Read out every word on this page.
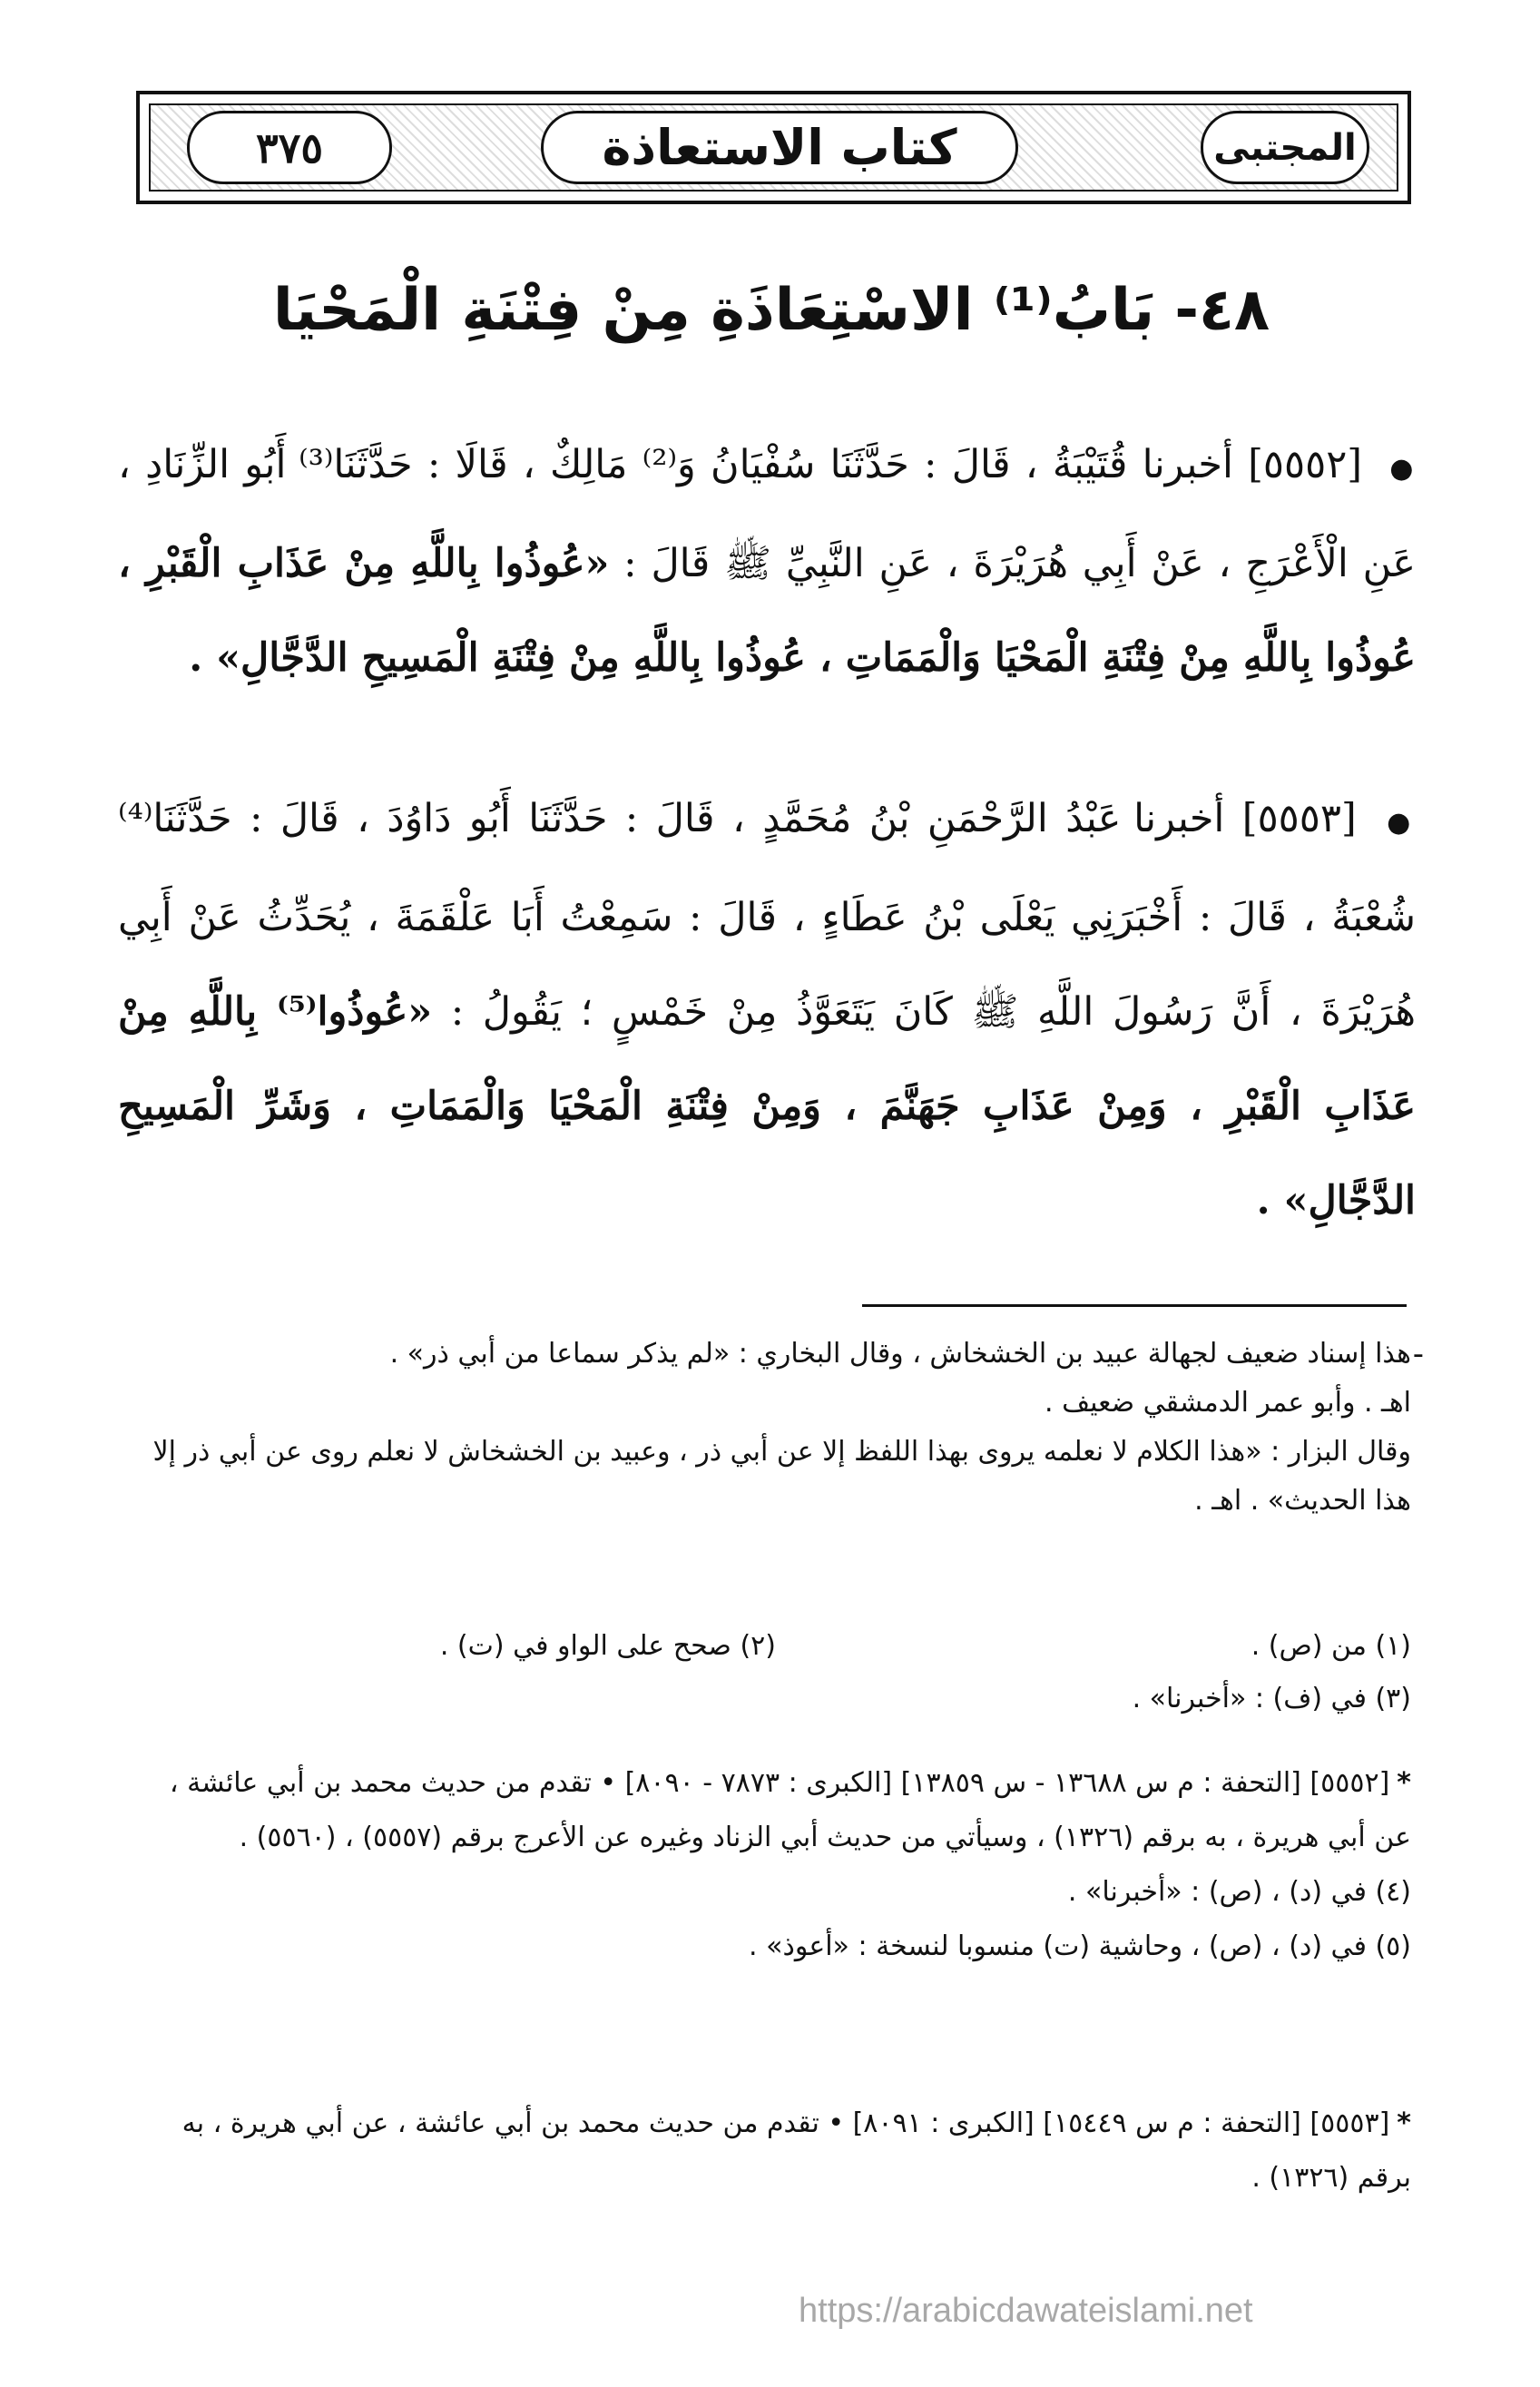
٣٧٥	كتاب الاستعاذة	المجتبى
٤٨- بَابُ⁽¹⁾ الاسْتِعَاذَةِ مِنْ فِتْنَةِ الْمَحْيَا
● [٥٥٥٢] أخبرنا قُتَيْبَةُ ، قَالَ : حَدَّثَنَا سُفْيَانُ وَ⁽²⁾ مَالِكٌ ، قَالَا : حَدَّثَنَا⁽³⁾ أَبُو الزِّنَادِ ، عَنِ الْأَعْرَجِ ، عَنْ أَبِي هُرَيْرَةَ ، عَنِ النَّبِيِّ ﷺ قَالَ : «عُوذُوا بِاللَّهِ مِنْ عَذَابِ الْقَبْرِ ، عُوذُوا بِاللَّهِ مِنْ فِتْنَةِ الْمَحْيَا وَالْمَمَاتِ ، عُوذُوا بِاللَّهِ مِنْ فِتْنَةِ الْمَسِيحِ الدَّجَّالِ» .
● [٥٥٥٣] أخبرنا عَبْدُ الرَّحْمَنِ بْنُ مُحَمَّدٍ ، قَالَ : حَدَّثَنَا أَبُو دَاوُدَ ، قَالَ : حَدَّثَنَا⁽⁴⁾ شُعْبَةُ ، قَالَ : أَخْبَرَنِي يَعْلَى بْنُ عَطَاءٍ ، قَالَ : سَمِعْتُ أَبَا عَلْقَمَةَ ، يُحَدِّثُ عَنْ أَبِي هُرَيْرَةَ ، أَنَّ رَسُولَ اللَّهِ ﷺ كَانَ يَتَعَوَّذُ مِنْ خَمْسٍ ؛ يَقُولُ : «عُوذُوا⁽⁵⁾ بِاللَّهِ مِنْ عَذَابِ الْقَبْرِ ، وَمِنْ عَذَابِ جَهَنَّمَ ، وَمِنْ فِتْنَةِ الْمَحْيَا وَالْمَمَاتِ ، وَشَرِّ الْمَسِيحِ الدَّجَّالِ» .
-

هذا إسناد ضعيف لجهالة عبيد بن الخشخاش ، وقال البخاري : «لم يذكر سماعا من أبي ذر» .

اهـ . وأبو عمر الدمشقي ضعيف .

وقال البزار : «هذا الكلام لا نعلمه يروى بهذا اللفظ إلا عن أبي ذر ، وعبيد بن الخشخاش لا نعلم روى عن أبي ذر إلا هذا الحديث» . اهـ .

(١) من (ص) .
(٢) صحح على الواو في (ت) .
(٣) في (ف) : «أخبرنا» .

*[٥٥٥٢] [التحفة : م س ١٣٦٨٨ - س ١٣٨٥٩] [الكبرى : ٧٨٧٣ - ٨٠٩٠] • تقدم من حديث محمد بن أبي عائشة ، عن أبي هريرة ، به برقم (١٣٢٦) ، وسيأتي من حديث أبي الزناد وغيره عن الأعرج برقم (٥٥٥٧) ، (٥٥٦٠) .

(٤) في (د) ، (ص) : «أخبرنا» .

(٥) في (د) ، (ص) ، وحاشية (ت) منسوبا لنسخة : «أعوذ» .

*[٥٥٥٣] [التحفة : م س ١٥٤٤٩] [الكبرى : ٨٠٩١] • تقدم من حديث محمد بن أبي عائشة ، عن أبي هريرة ، به برقم (١٣٢٦) .

https://arabicdawateislami.net
